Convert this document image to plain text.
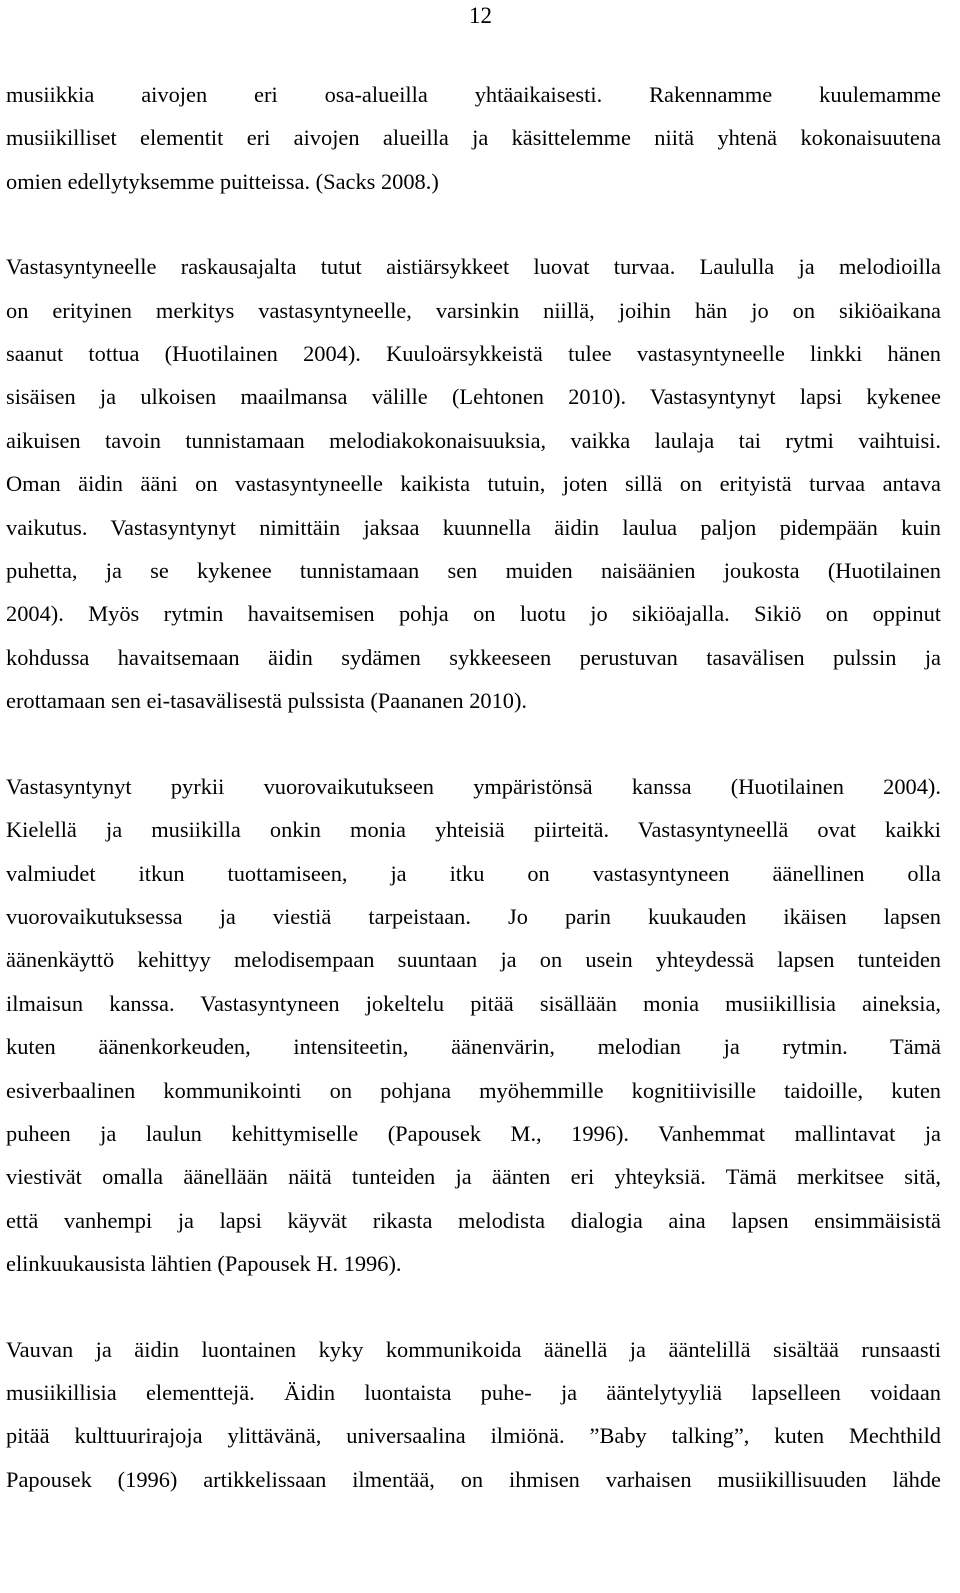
12
musiikkia aivojen eri osa-alueilla yhtäaikaisesti. Rakennamme kuulemamme
musiikilliset elementit eri aivojen alueilla ja käsittelemme niitä yhtenä kokonaisuutena
omien edellytyksemme puitteissa. (Sacks 2008.)
Vastasyntyneelle raskausajalta tutut aistiärsykkeet luovat turvaa. Laululla ja melodioilla
on erityinen merkitys vastasyntyneelle, varsinkin niillä, joihin hän jo on sikiöaikana
saanut tottua (Huotilainen 2004). Kuuloärsykkeistä tulee vastasyntyneelle linkki hänen
sisäisen ja ulkoisen maailmansa välille (Lehtonen 2010). Vastasyntynyt lapsi kykenee
aikuisen tavoin tunnistamaan melodiakokonaisuuksia, vaikka laulaja tai rytmi vaihtuisi.
Oman äidin ääni on vastasyntyneelle kaikista tutuin, joten sillä on erityistä turvaa antava
vaikutus. Vastasyntynyt nimittäin jaksaa kuunnella äidin laulua paljon pidempään kuin
puhetta, ja se kykenee tunnistamaan sen muiden naisäänien joukosta (Huotilainen
2004). Myös rytmin havaitsemisen pohja on luotu jo sikiöajalla. Sikiö on oppinut
kohdussa havaitsemaan äidin sydämen sykkeeseen perustuvan tasavälisen pulssin ja
erottamaan sen ei-tasavälisestä pulssista (Paananen 2010).
Vastasyntynyt pyrkii vuorovaikutukseen ympäristönsä kanssa (Huotilainen 2004).
Kielellä ja musiikilla onkin monia yhteisiä piirteitä. Vastasyntyneellä ovat kaikki
valmiudet itkun tuottamiseen, ja itku on vastasyntyneen äänellinen olla
vuorovaikutuksessa ja viestiä tarpeistaan. Jo parin kuukauden ikäisen lapsen
äänenkäyttö kehittyy melodisempaan suuntaan ja on usein yhteydessä lapsen tunteiden
ilmaisun kanssa. Vastasyntyneen jokeltelu pitää sisällään monia musiikillisia aineksia,
kuten äänenkorkeuden, intensiteetin, äänenvärin, melodian ja rytmin. Tämä
esiverbaalinen kommunikointi on pohjana myöhemmille kognitiivisille taidoille, kuten
puheen ja laulun kehittymiselle (Papousek M., 1996). Vanhemmat mallintavat ja
viestivät omalla äänellään näitä tunteiden ja äänten eri yhteyksiä. Tämä merkitsee sitä,
että vanhempi ja lapsi käyvät rikasta melodista dialogia aina lapsen ensimmäisistä
elinkuukausista lähtien (Papousek H. 1996).
Vauvan ja äidin luontainen kyky kommunikoida äänellä ja ääntelillä sisältää runsaasti
musiikillisia elementtejä. Äidin luontaista puhe- ja ääntelytyyliä lapselleen voidaan
pitää kulttuurirajoja ylittävänä, universaalina ilmiönä. ”Baby talking”, kuten Mechthild
Papousek (1996) artikkelissaan ilmentää, on ihmisen varhaisen musiikillisuuden lähde
